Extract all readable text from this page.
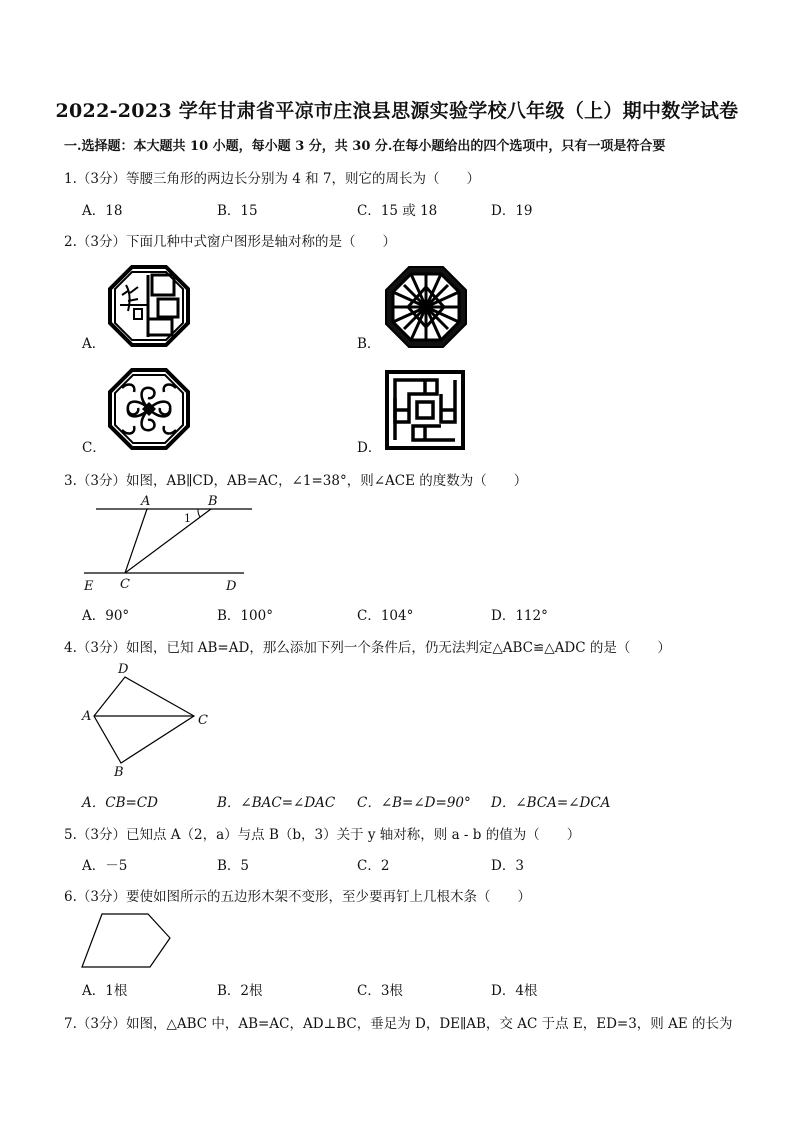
2022-2023 学年甘肃省平凉市庄浪县思源实验学校八年级（上）期中数学试卷
一.选择题：本大题共 10 小题，每小题 3 分，共 30 分.在每小题给出的四个选项中，只有一项是符合要
1.（3分）等腰三角形的两边长分别为 4 和 7，则它的周长为（　　）
A．18	B．15	C．15 或 18	D．19
2.（3分）下面几种中式窗户图形是轴对称的是（　　）
A．	B．
C．	D．
3.（3分）如图，AB∥CD，AB=AC，∠1=38°，则∠ACE 的度数为（　　）
A	B
1
E C	D
A．90°	B．100°	C．104°	D．112°
4.（3分）如图，已知 AB=AD，那么添加下列一个条件后，仍无法判定△ABC≌△ADC 的是（　　）
D
A	C
B
A．CB=CD	B．∠BAC=∠DAC C．∠B=∠D=90° D．∠BCA=∠DCA
5.（3分）已知点 A（2，a）与点 B（b，3）关于 y 轴对称，则 a - b 的值为（　　）
A．－5	B．5	C．2	D．3
6.（3分）要使如图所示的五边形木架不变形，至少要再钉上几根木条（　　）
A．1根	B．2根	C．3根	D．4根
7.（3分）如图，△ABC 中，AB=AC，AD⊥BC，垂足为 D，DE∥AB，交 AC 于点 E，ED=3，则 AE 的长为
